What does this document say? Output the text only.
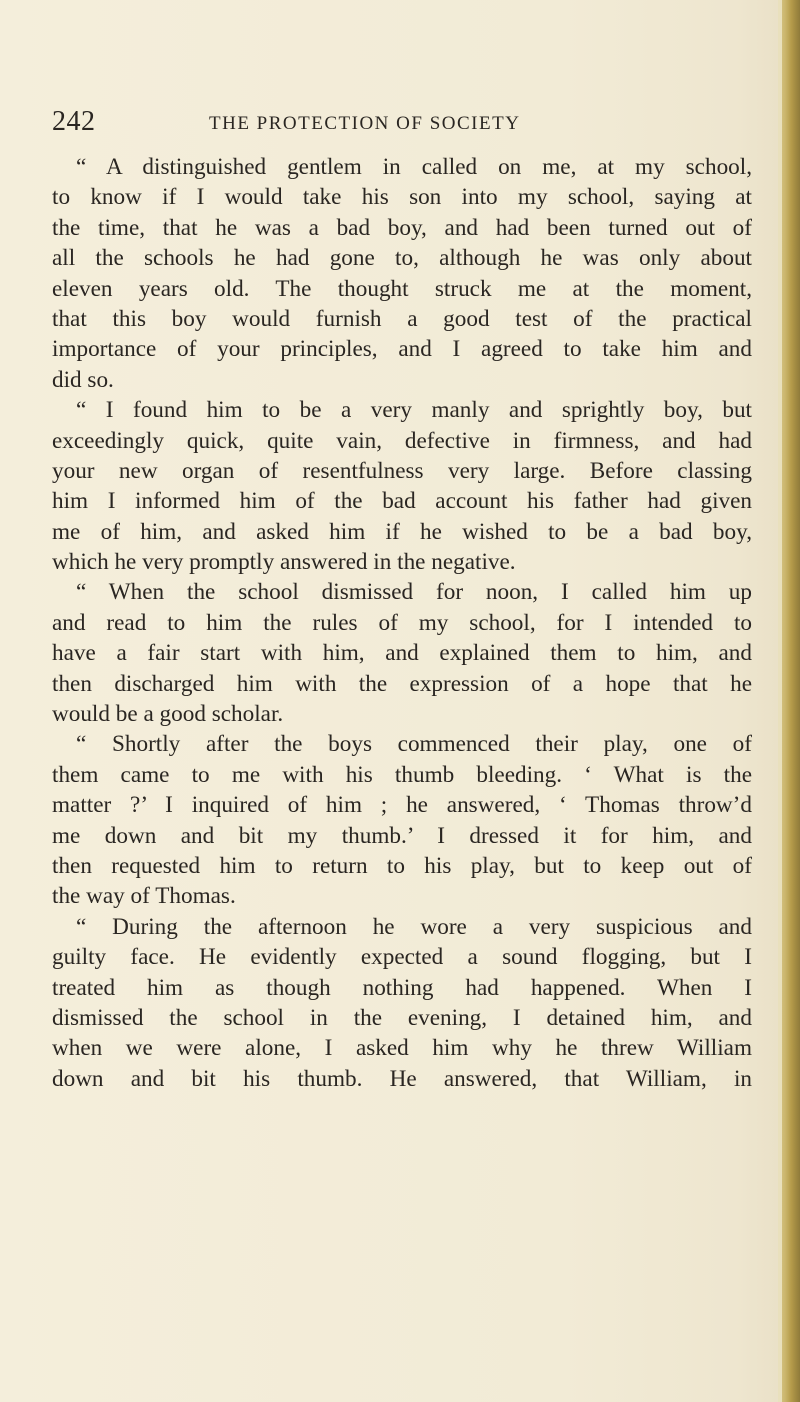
242	THE PROTECTION OF SOCIETY
“ A distinguished gentlem in called on me, at my school,
to know if I would take his son into my school, saying at
the time, that he was a bad boy, and had been turned out of
all the schools he had gone to, although he was only about
eleven years old. The thought struck me at the moment,
that this boy would furnish a good test of the practical
importance of your principles, and I agreed to take him and
did so.
“ I found him to be a very manly and sprightly boy, but
exceedingly quick, quite vain, defective in firmness, and had
your new organ of resentfulness very large. Before classing
him I informed him of the bad account his father had given
me of him, and asked him if he wished to be a bad boy,
which he very promptly answered in the negative.
“ When the school dismissed for noon, I called him up
and read to him the rules of my school, for I intended to
have a fair start with him, and explained them to him, and
then discharged him with the expression of a hope that he
would be a good scholar.
“ Shortly after the boys commenced their play, one of
them came to me with his thumb bleeding. ‘ What is the
matter ?’ I inquired of him ; he answered, ‘ Thomas throw’d
me down and bit my thumb.’ I dressed it for him, and
then requested him to return to his play, but to keep out of
the way of Thomas.
“ During the afternoon he wore a very suspicious and
guilty face. He evidently expected a sound flogging, but I
treated him as though nothing had happened. When I
dismissed the school in the evening, I detained him, and
when we were alone, I asked him why he threw William
down and bit his thumb. He answered, that William, in
